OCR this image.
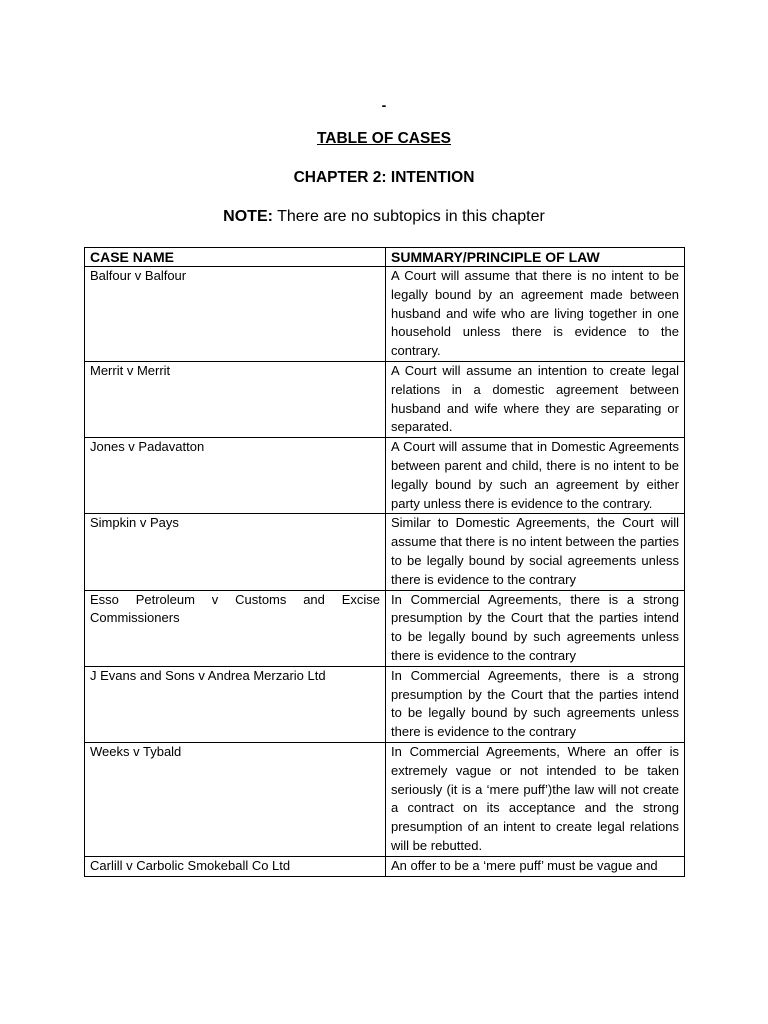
-
TABLE OF CASES
CHAPTER 2: INTENTION
NOTE: There are no subtopics in this chapter
CASE NAME	SUMMARY/PRINCIPLE OF LAW
Balfour v Balfour	A Court will assume that there is no intent to be legally bound by an agreement made between husband and wife who are living together in one household unless there is evidence to the contrary.
Merrit v Merrit	A Court will assume an intention to create legal relations in a domestic agreement between husband and wife where they are separating or separated.
Jones v Padavatton	A Court will assume that in Domestic Agreements between parent and child, there is no intent to be legally bound by such an agreement by either party unless there is evidence to the contrary.
Simpkin v Pays	Similar to Domestic Agreements, the Court will assume that there is no intent between the parties to be legally bound by social agreements unless there is evidence to the contrary
Esso Petroleum v Customs and Excise Commissioners	In Commercial Agreements, there is a strong presumption by the Court that the parties intend to be legally bound by such agreements unless there is evidence to the contrary
J Evans and Sons v Andrea Merzario Ltd	In Commercial Agreements, there is a strong presumption by the Court that the parties intend to be legally bound by such agreements unless there is evidence to the contrary
Weeks v Tybald	In Commercial Agreements, Where an offer is extremely vague or not intended to be taken seriously (it is a ‘mere puff’)the law will not create a contract on its acceptance and the strong presumption of an intent to create legal relations will be rebutted.
Carlill v Carbolic Smokeball Co Ltd	An offer to be a ‘mere puff’ must be vague and
